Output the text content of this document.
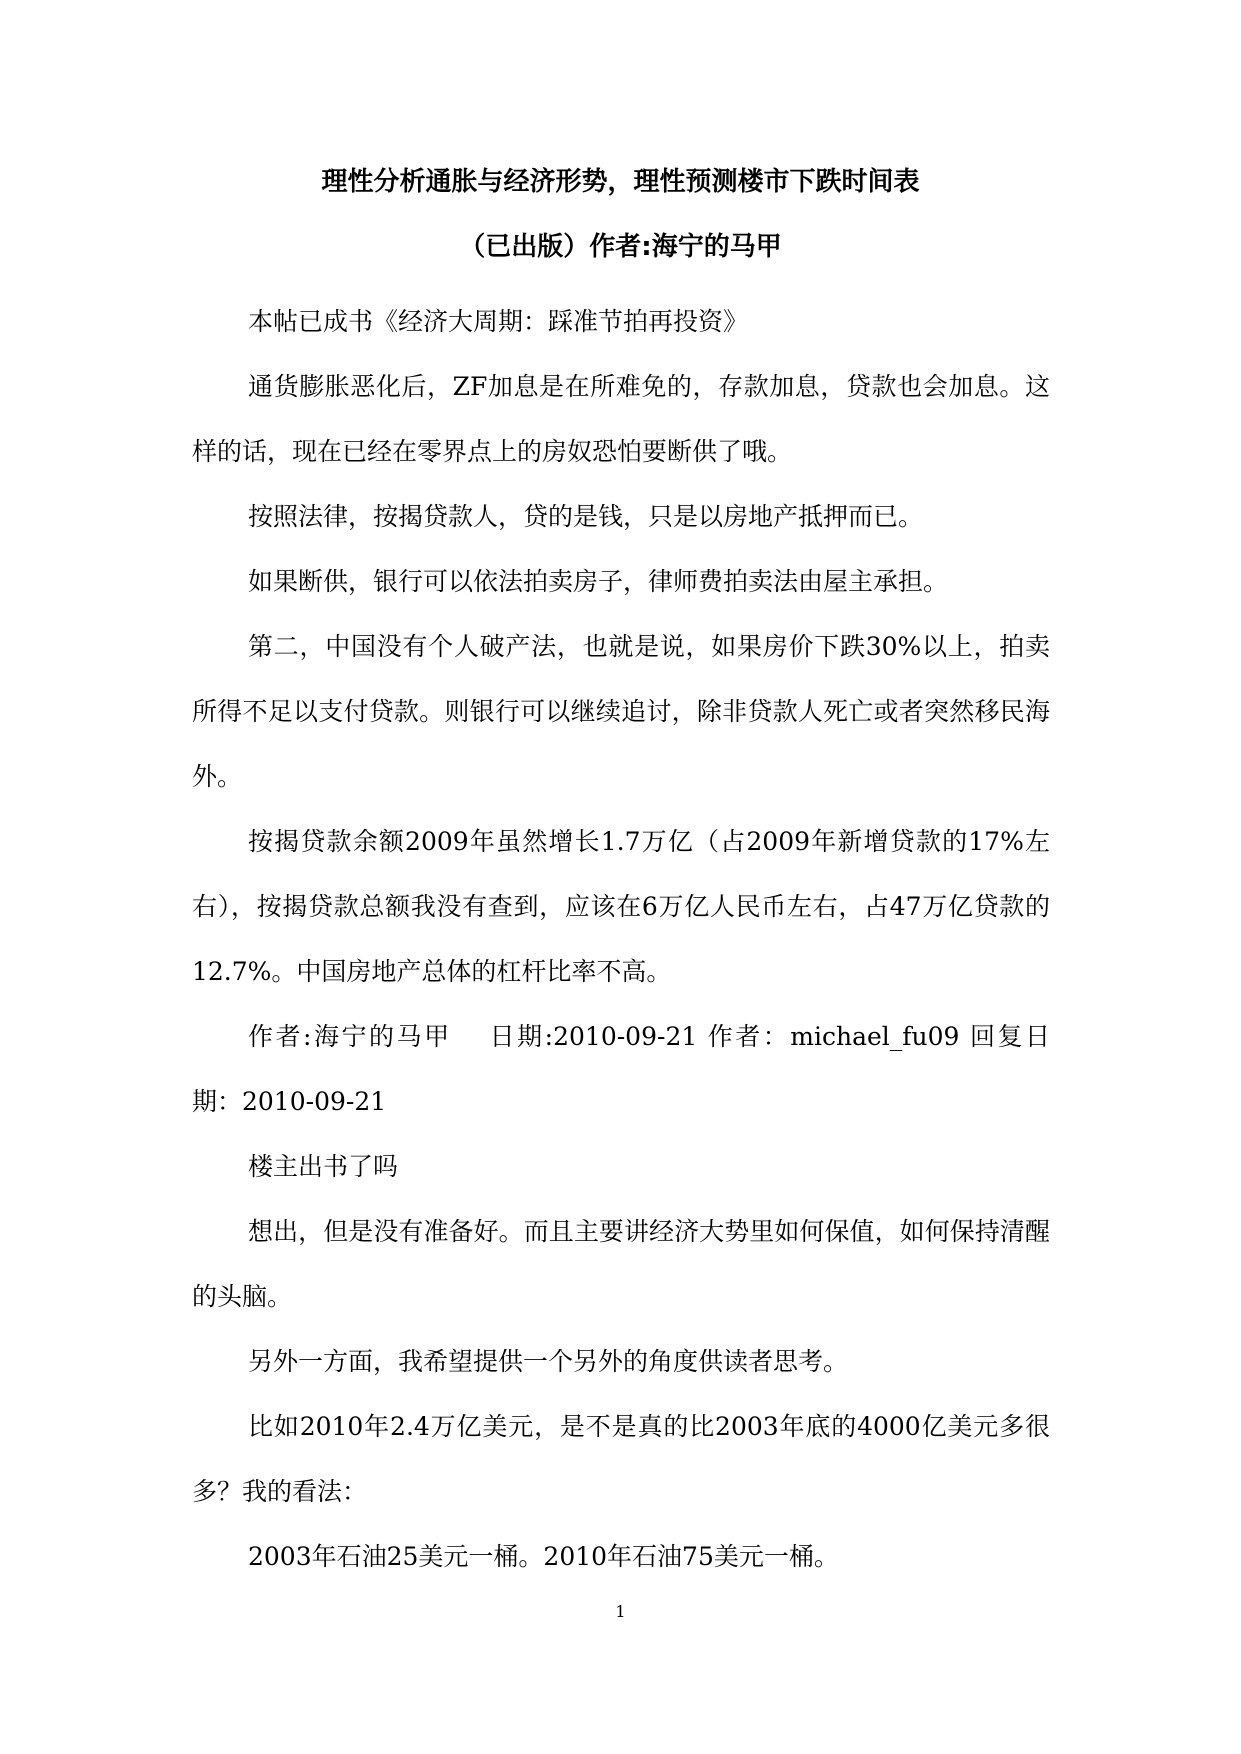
理性分析通胀与经济形势，理性预测楼市下跌时间表
（已出版）作者:海宁的马甲

本帖已成书《经济大周期：踩准节拍再投资》

通货膨胀恶化后，ZF加息是在所难免的，存款加息，贷款也会加息。这样的话，现在已经在零界点上的房奴恐怕要断供了哦。

按照法律，按揭贷款人，贷的是钱，只是以房地产抵押而已。

如果断供，银行可以依法拍卖房子，律师费拍卖法由屋主承担。

第二，中国没有个人破产法，也就是说，如果房价下跌30%以上，拍卖所得不足以支付贷款。则银行可以继续追讨，除非贷款人死亡或者突然移民海外。

按揭贷款余额2009年虽然增长1.7万亿（占2009年新增贷款的17%左右），按揭贷款总额我没有查到，应该在6万亿人民币左右，占47万亿贷款的12.7%。中国房地产总体的杠杆比率不高。

作者:海宁的马甲　 日期:2010-09-21 作者：michael_fu09 回复日期：2010-09-21

楼主出书了吗

想出，但是没有准备好。而且主要讲经济大势里如何保值，如何保持清醒的头脑。

另外一方面，我希望提供一个另外的角度供读者思考。

比如2010年2.4万亿美元，是不是真的比2003年底的4000亿美元多很多？我的看法：

2003年石油25美元一桶。2010年石油75美元一桶。

1
